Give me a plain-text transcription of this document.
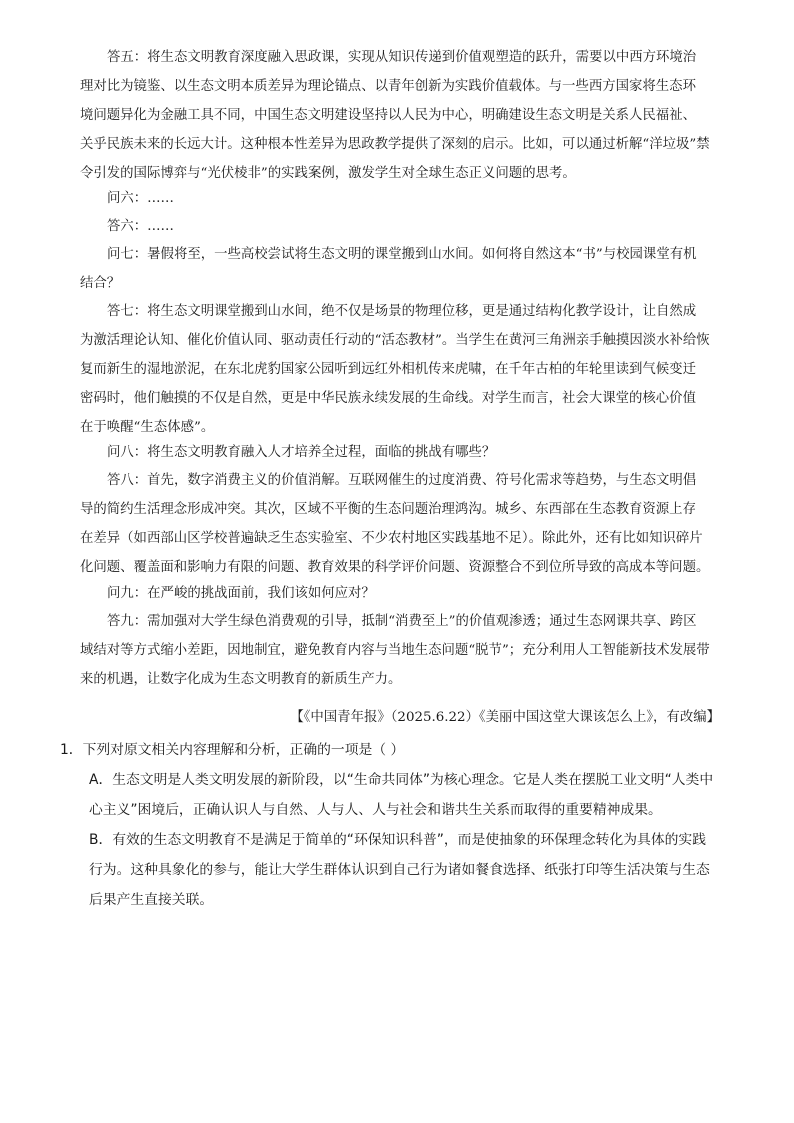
答五：将生态文明教育深度融入思政课，实现从知识传递到价值观塑造的跃升，需要以中西方环境治
理对比为镜鉴、以生态文明本质差异为理论锚点、以青年创新为实践价值载体。与一些西方国家将生态环
境问题异化为金融工具不同，中国生态文明建设坚持以人民为中心，明确建设生态文明是关系人民福祉、
关乎民族未来的长远大计。这种根本性差异为思政教学提供了深刻的启示。比如，可以通过析解“洋垃圾”禁
令引发的国际博弈与“光伏棱非”的实践案例，激发学生对全球生态正义问题的思考。
问六：……
答六：……
问七：暑假将至，一些高校尝试将生态文明的课堂搬到山水间。如何将自然这本“书”与校园课堂有机
结合？
答七：将生态文明课堂搬到山水间，绝不仅是场景的物理位移，更是通过结构化教学设计，让自然成
为激活理论认知、催化价值认同、驱动责任行动的“活态教材”。当学生在黄河三角洲亲手触摸因淡水补给恢
复而新生的湿地淤泥，在东北虎豹国家公园听到远红外相机传来虎啸，在千年古柏的年轮里读到气候变迁
密码时，他们触摸的不仅是自然，更是中华民族永续发展的生命线。对学生而言，社会大课堂的核心价值
在于唤醒“生态体感”。
问八：将生态文明教育融入人才培养全过程，面临的挑战有哪些？
答八：首先，数字消费主义的价值消解。互联网催生的过度消费、符号化需求等趋势，与生态文明倡
导的简约生活理念形成冲突。其次，区域不平衡的生态问题治理鸿沟。城乡、东西部在生态教育资源上存
在差异（如西部山区学校普遍缺乏生态实验室、不少农村地区实践基地不足）。除此外，还有比如知识碎片
化问题、覆盖面和影响力有限的问题、教育效果的科学评价问题、资源整合不到位所导致的高成本等问题。
问九：在严峻的挑战面前，我们该如何应对？
答九：需加强对大学生绿色消费观的引导，抵制“消费至上”的价值观渗透；通过生态网课共享、跨区
域结对等方式缩小差距，因地制宜，避免教育内容与当地生态问题“脱节”；充分利用人工智能新技术发展带
来的机遇，让数字化成为生态文明教育的新质生产力。
【《中国青年报》（2025.6.22）《美丽中国这堂大课该怎么上》，有改编】
1．下列对原文相关内容理解和分析，正确的一项是（ ）
A．生态文明是人类文明发展的新阶段，以“生命共同体”为核心理念。它是人类在摆脱工业文明“人类中
心主义”困境后，正确认识人与自然、人与人、人与社会和谐共生关系而取得的重要精神成果。
B．有效的生态文明教育不是满足于简单的“环保知识科普”，而是使抽象的环保理念转化为具体的实践
行为。这种具象化的参与，能让大学生群体认识到自己行为诸如餐食选择、纸张打印等生活决策与生态
后果产生直接关联。
